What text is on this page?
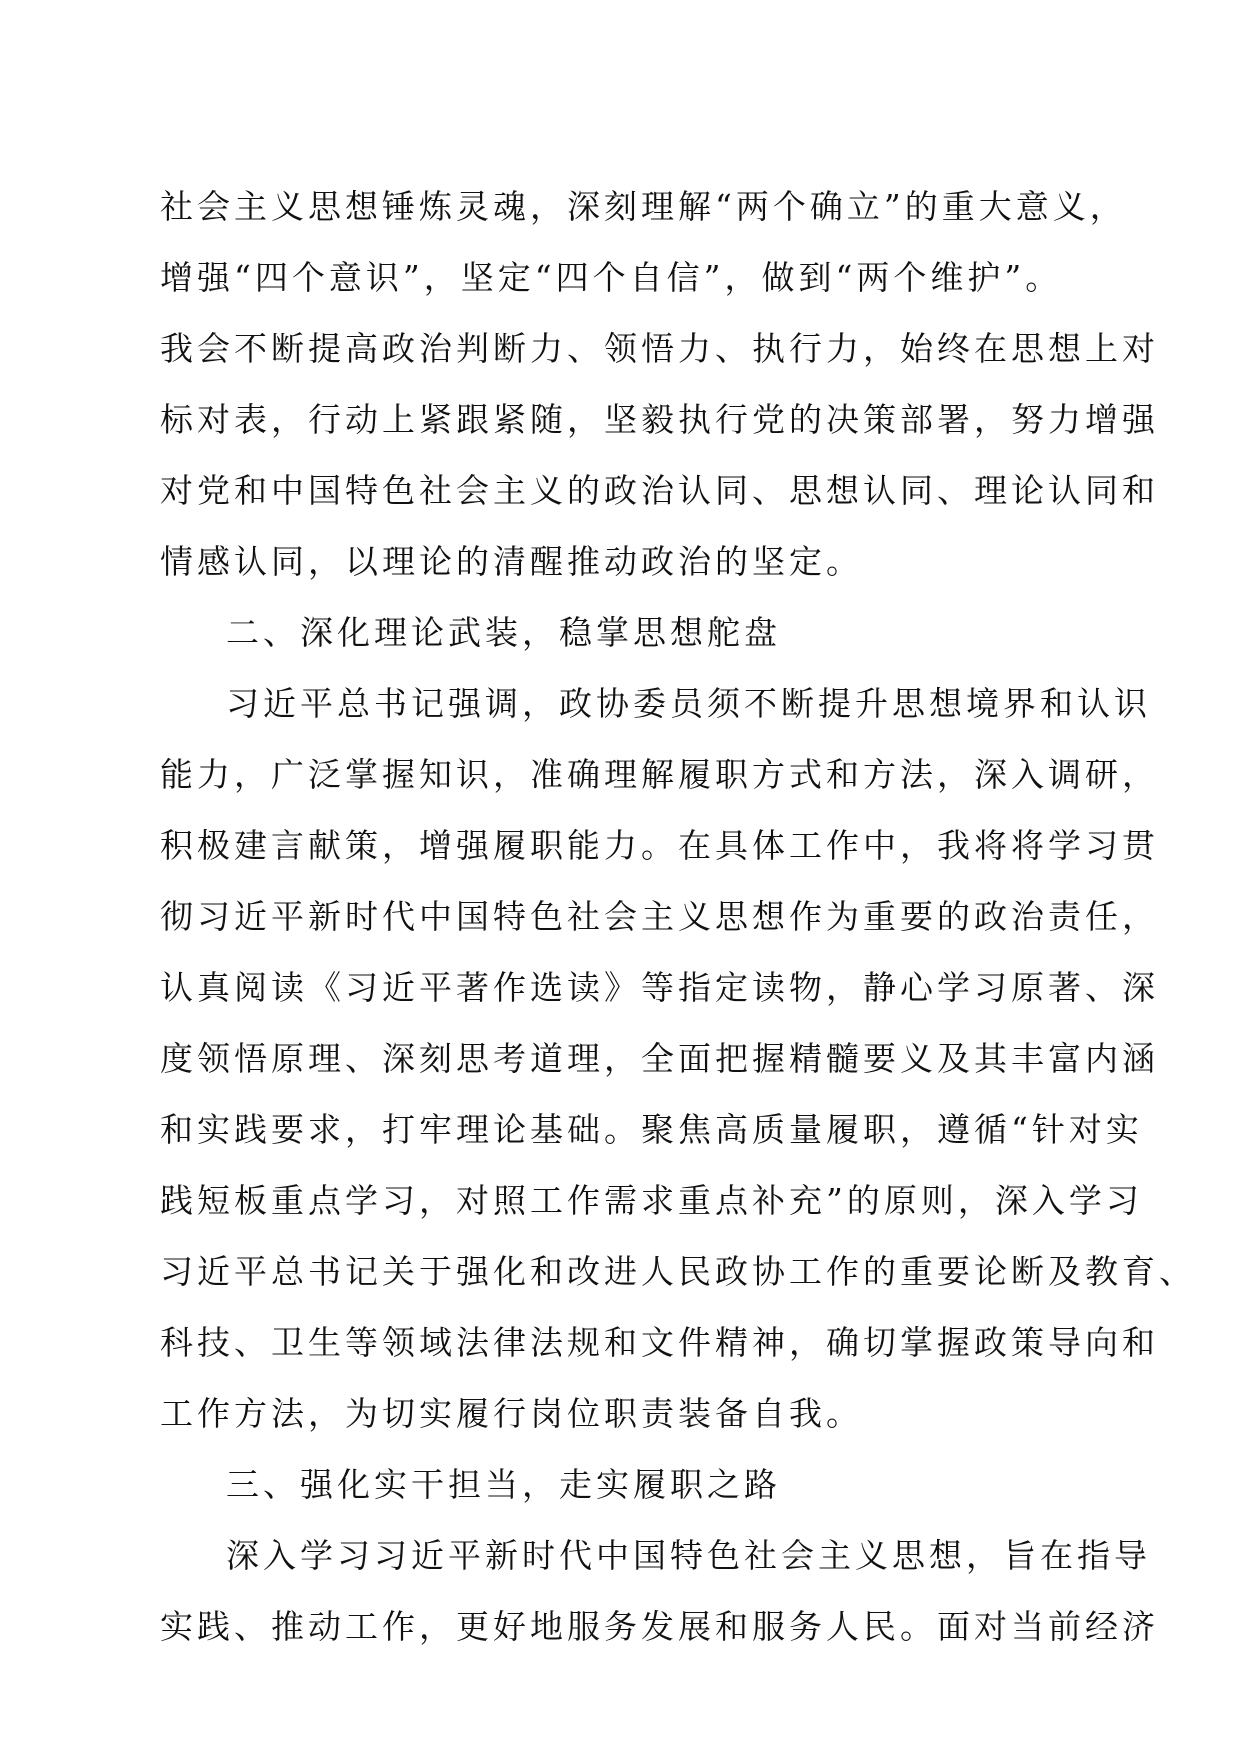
社会主义思想锤炼灵魂，深刻理解“两个确立”的重大意义，
增强“四个意识”，坚定“四个自信”，做到“两个维护”。
我会不断提高政治判断力、领悟力、执行力，始终在思想上对
标对表，行动上紧跟紧随，坚毅执行党的决策部署，努力增强
对党和中国特色社会主义的政治认同、思想认同、理论认同和
情感认同，以理论的清醒推动政治的坚定。
二、深化理论武装，稳掌思想舵盘
习近平总书记强调，政协委员须不断提升思想境界和认识
能力，广泛掌握知识，准确理解履职方式和方法，深入调研，
积极建言献策，增强履职能力。在具体工作中，我将将学习贯
彻习近平新时代中国特色社会主义思想作为重要的政治责任，
认真阅读《习近平著作选读》等指定读物，静心学习原著、深
度领悟原理、深刻思考道理，全面把握精髓要义及其丰富内涵
和实践要求，打牢理论基础。聚焦高质量履职，遵循“针对实
践短板重点学习，对照工作需求重点补充”的原则，深入学习
习近平总书记关于强化和改进人民政协工作的重要论断及教育、
科技、卫生等领域法律法规和文件精神，确切掌握政策导向和
工作方法，为切实履行岗位职责装备自我。
三、强化实干担当，走实履职之路
深入学习习近平新时代中国特色社会主义思想，旨在指导
实践、推动工作，更好地服务发展和服务人民。面对当前经济
